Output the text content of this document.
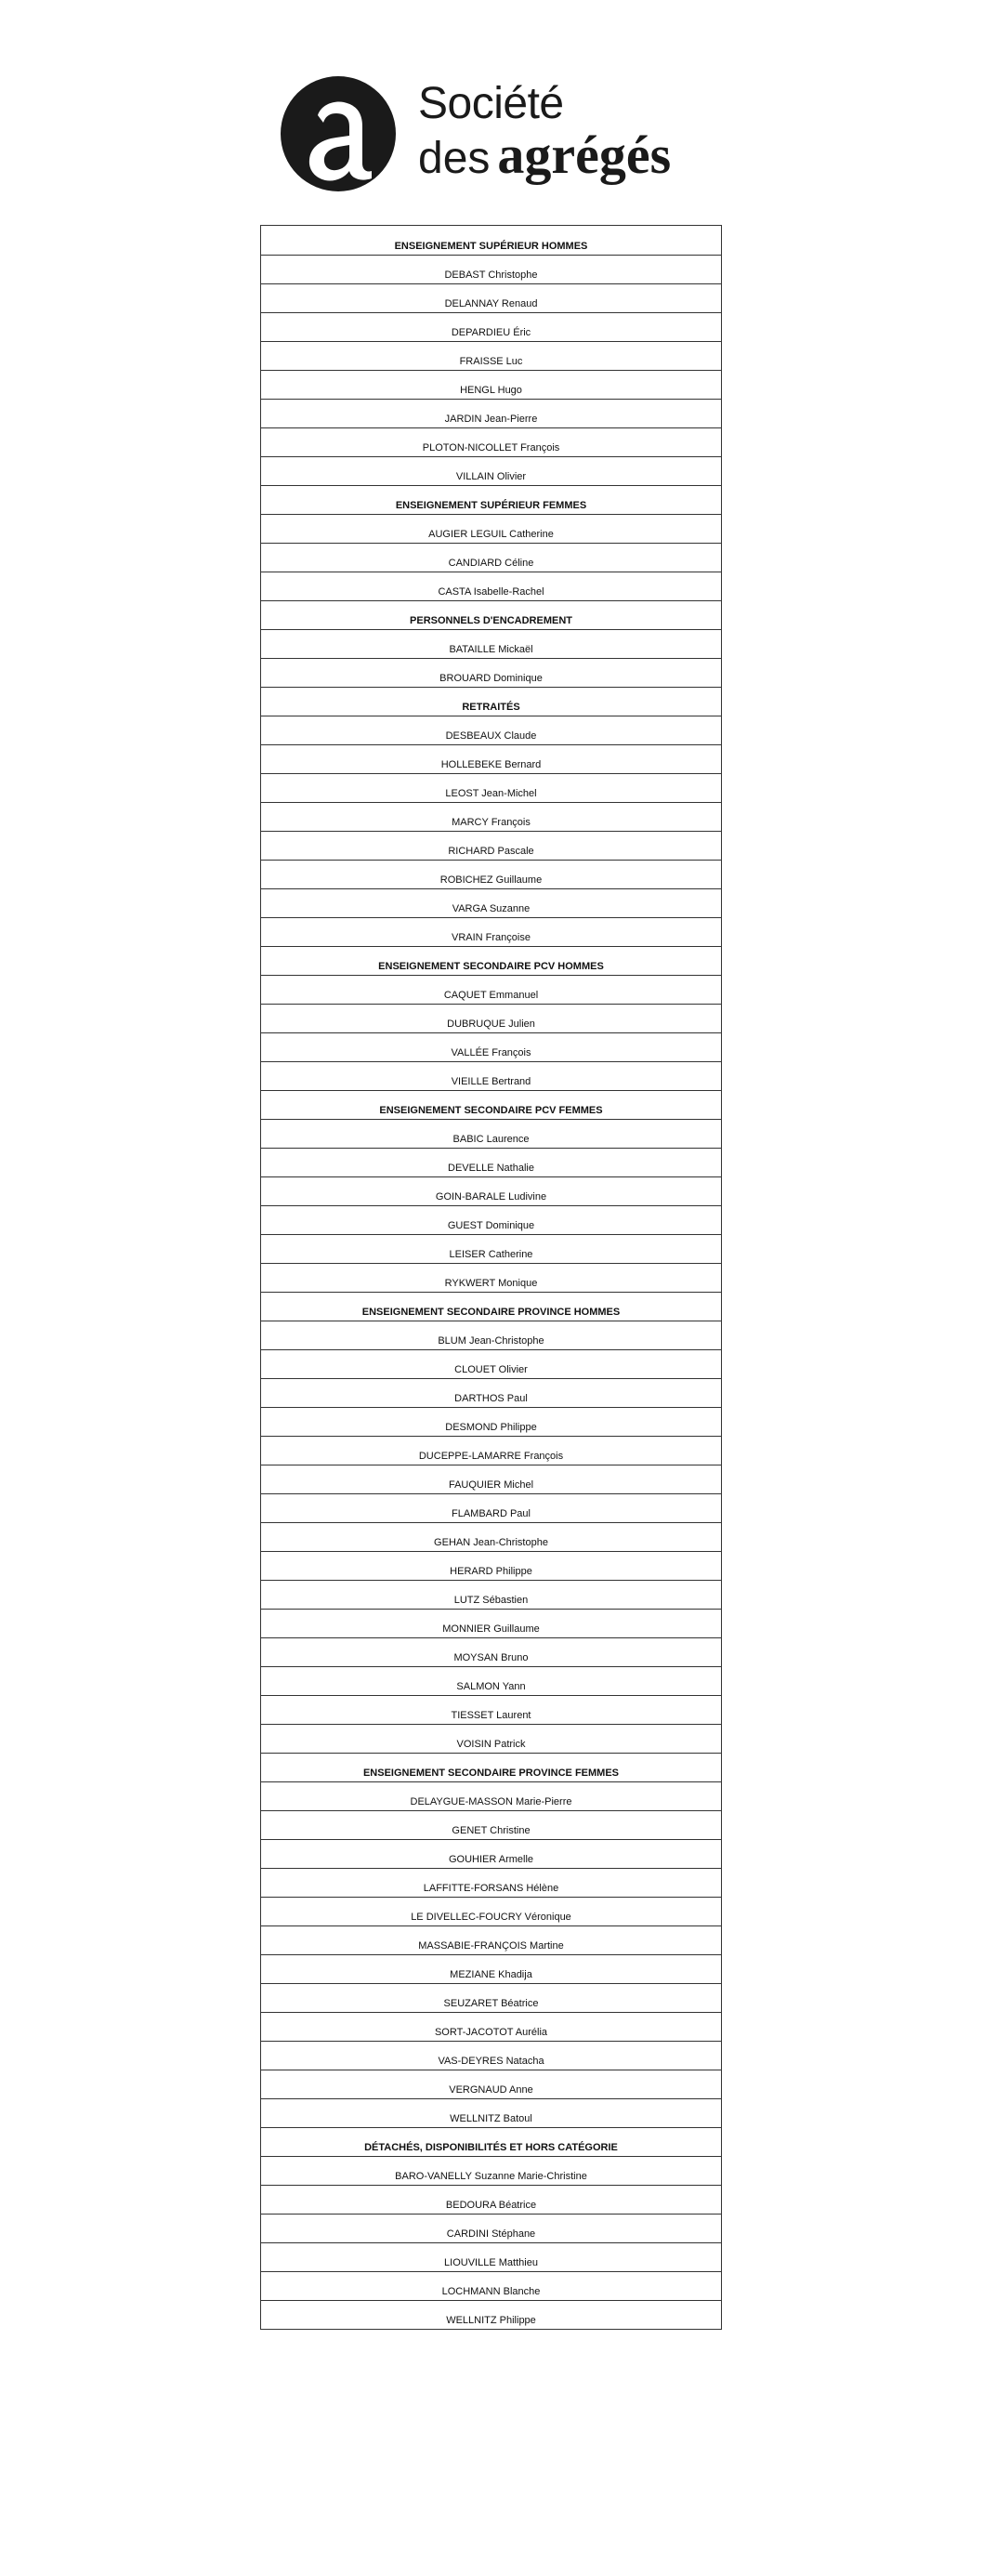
Société
des agrégés
ENSEIGNEMENT SUPÉRIEUR HOMMES
DEBAST Christophe
DELANNAY Renaud
DEPARDIEU Éric
FRAISSE Luc
HENGL Hugo
JARDIN Jean-Pierre
PLOTON-NICOLLET François
VILLAIN Olivier
ENSEIGNEMENT SUPÉRIEUR FEMMES
AUGIER LEGUIL Catherine
CANDIARD Céline
CASTA Isabelle-Rachel
PERSONNELS D'ENCADREMENT
BATAILLE Mickaël
BROUARD Dominique
RETRAITÉS
DESBEAUX Claude
HOLLEBEKE Bernard
LEOST Jean-Michel
MARCY François
RICHARD Pascale
ROBICHEZ Guillaume
VARGA Suzanne
VRAIN Françoise
ENSEIGNEMENT SECONDAIRE PCV HOMMES
CAQUET Emmanuel
DUBRUQUE Julien
VALLÉE François
VIEILLE Bertrand
ENSEIGNEMENT SECONDAIRE PCV FEMMES
BABIC Laurence
DEVELLE Nathalie
GOIN-BARALE Ludivine
GUEST Dominique
LEISER Catherine
RYKWERT Monique
ENSEIGNEMENT SECONDAIRE PROVINCE HOMMES
BLUM Jean-Christophe
CLOUET Olivier
DARTHOS Paul
DESMOND Philippe
DUCEPPE-LAMARRE François
FAUQUIER Michel
FLAMBARD Paul
GEHAN Jean-Christophe
HERARD Philippe
LUTZ Sébastien
MONNIER Guillaume
MOYSAN Bruno
SALMON Yann
TIESSET Laurent
VOISIN Patrick
ENSEIGNEMENT SECONDAIRE PROVINCE FEMMES
DELAYGUE-MASSON Marie-Pierre
GENET Christine
GOUHIER Armelle
LAFFITTE-FORSANS Hélène
LE DIVELLEC-FOUCRY Véronique
MASSABIE-FRANÇOIS Martine
MEZIANE Khadija
SEUZARET Béatrice
SORT-JACOTOT Aurélia
VAS-DEYRES Natacha
VERGNAUD Anne
WELLNITZ Batoul
DÉTACHÉS, DISPONIBILITÉS ET HORS CATÉGORIE
BARO-VANELLY Suzanne Marie-Christine
BEDOURA Béatrice
CARDINI Stéphane
LIOUVILLE Matthieu
LOCHMANN Blanche
WELLNITZ Philippe
